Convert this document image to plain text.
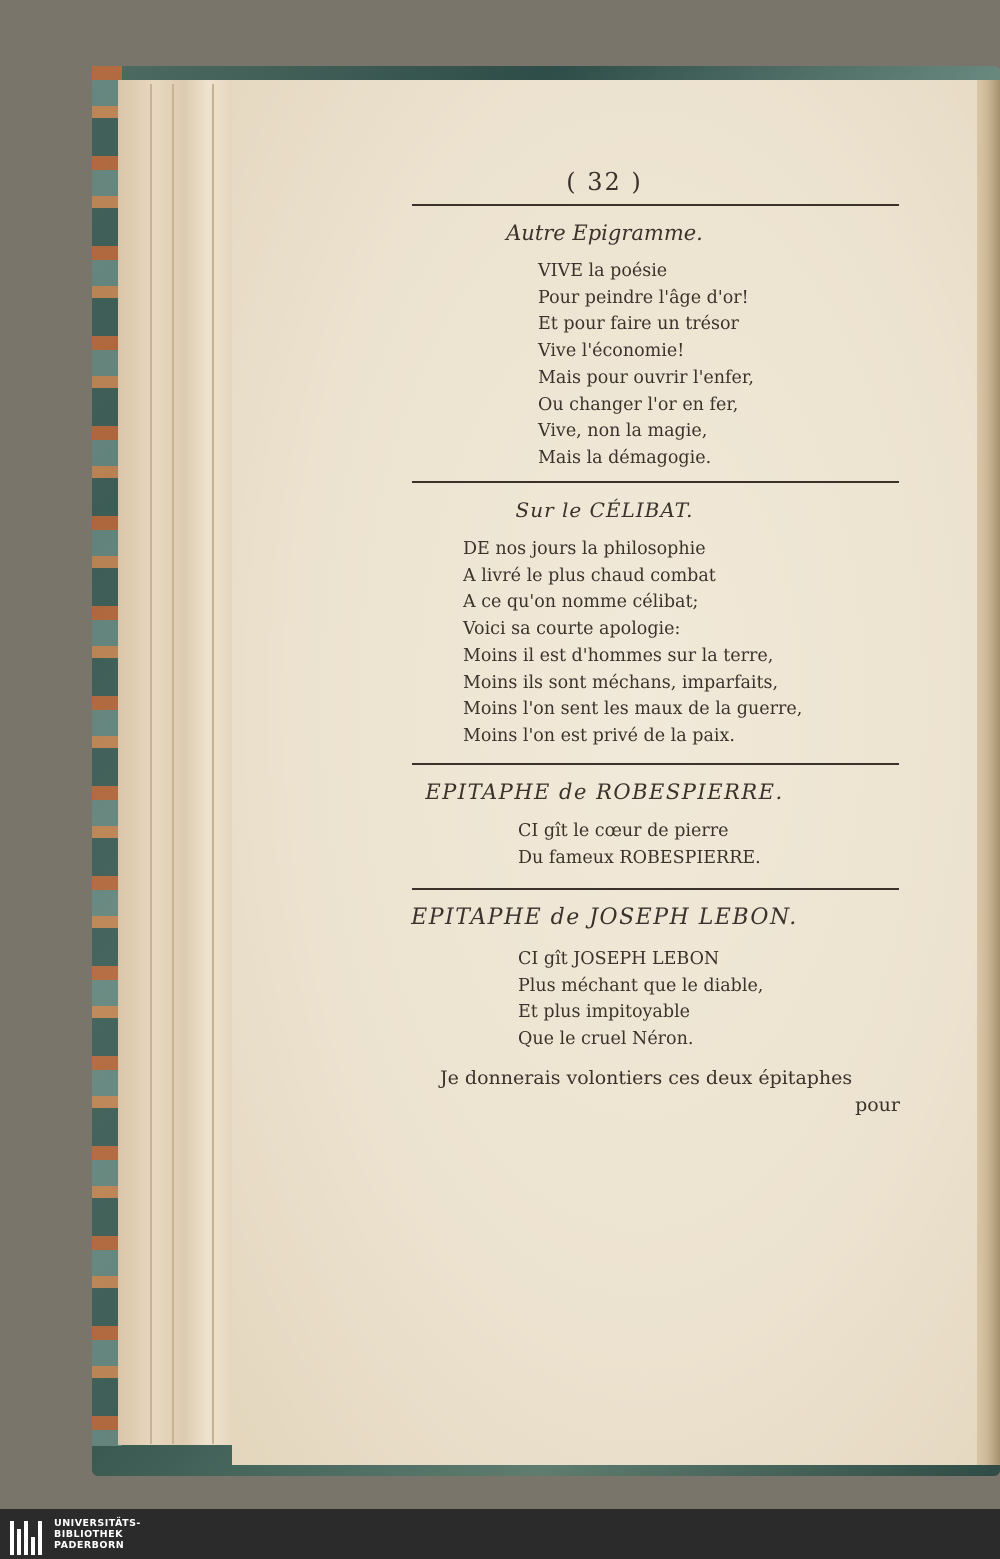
( 32 )
Autre Epigramme.
VIVE la poésie
Pour peindre l'âge d'or!
Et pour faire un trésor
Vive l'économie!
Mais pour ouvrir l'enfer,
Ou changer l'or en fer,
Vive, non la magie,
Mais la démagogie.
Sur le CÉLIBAT.
DE nos jours la philosophie
A livré le plus chaud combat
A ce qu'on nomme célibat;
Voici sa courte apologie:
Moins il est d'hommes sur la terre,
Moins ils sont méchans, imparfaits,
Moins l'on sent les maux de la guerre,
Moins l'on est privé de la paix.
EPITAPHE de ROBESPIERRE.
CI gît le cœur de pierre
Du fameux ROBESPIERRE.
EPITAPHE de JOSEPH LEBON.
CI gît JOSEPH LEBON
Plus méchant que le diable,
Et plus impitoyable
Que le cruel Néron.
Je donnerais volontiers ces deux épitaphes
pour
UNIVERSITÄTS-
BIBLIOTHEK
PADERBORN
